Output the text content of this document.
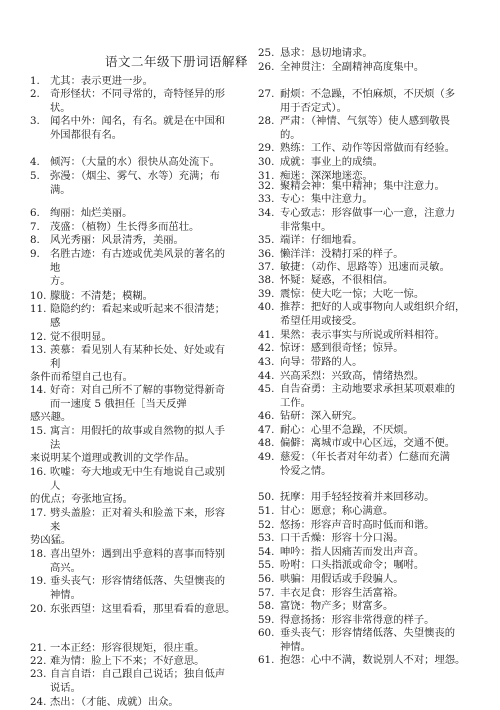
语文二年级下册词语解释
1. 尤其：表示更进一步。
2. 奇形怪状：不同寻常的，奇特怪异的形
状。
3. 闻名中外：闻名，有名。就是在中国和
外国都很有名。
4. 倾泻：（大量的水）很快从高处流下。
5. 弥漫：（烟尘、雾气、水等）充满；布
满。
6. 绚丽：灿烂美丽。
7. 茂盛：（植物）生长得多而茁壮。
8. 风光秀丽：风景清秀，美丽。
9. 名胜古迹：有古迹或优美风景的著名的
地
方。
10. 朦胧：不清楚；模糊。
11. 隐隐约约：看起来或听起来不很清楚；
感
12. 觉不很明显。
13. 羡慕：看见别人有某种长处、好处或有
利
条件而希望自己也有。
14. 好奇：对自己所不了解的事物觉得新奇
而一速度 5 俄担任［当天反弹
感兴趣。
15. 寓言：用假托的故事或自然物的拟人手
法
来说明某个道理或教训的文学作品。
16. 吹嘘：夸大地或无中生有地说自己或别
人
的优点；夸张地宣扬。
17. 劈头盖脸：正对着头和脸盖下来，形容
来
势凶猛。
18. 喜出望外：遇到出乎意料的喜事而特别
高兴。
19. 垂头丧气：形容情绪低落、失望懊丧的
神情。
20. 东张西望：这里看看，那里看看的意思。
21. 一本正经：形容很规矩，很庄重。
22. 难为情：脸上下不来；不好意思。
23. 自言自语：自己跟自己说话；独自低声
说话。
24. 杰出：（才能、成就）出众。
25. 恳求：恳切地请求。
26. 全神贯注：全副精神高度集中。
27. 耐烦：不急躁，不怕麻烦，不厌烦（多
用于否定式）。
28. 严肃：（神情、气氛等）使人感到敬畏
的。
29. 熟练：工作、动作等因常做而有经验。
30. 成就：事业上的成绩。
31. 痴迷：深深地迷恋。
32. 聚精会神：集中精神；集中注意力。
33. 专心：集中注意力。
34. 专心致志：形容做事一心一意，注意力
非常集中。
35. 端详：仔细地看。
36. 懒洋洋：没精打采的样子。
37. 敏捷：（动作、思路等）迅速而灵敏。
38. 怀疑：疑惑，不很相信。
39. 震惊：使大吃一惊；大吃一惊。
40. 推荐：把好的人或事物向人或组织介绍，
希望任用或接受。
41. 果然：表示事实与所说或所料相符。
42. 惊讶：感到很奇怪；惊异。
43. 向导：带路的人。
44. 兴高采烈：兴致高，情绪热烈。
45. 自告奋勇：主动地要求承担某项艰难的
工作。
46. 钻研：深入研究。
47. 耐心：心里不急躁，不厌烦。
48. 偏僻：离城市或中心区远，交通不便。
49. 慈爱：（年长者对年幼者）仁慈而充满
怜爱之情。
50. 抚摩：用手轻轻按着并来回移动。
51. 甘心：愿意；称心满意。
52. 悠扬：形容声音时高时低而和谐。
53. 口干舌燥：形容十分口渴。
54. 呻吟：指人因痛苦而发出声音。
55. 吩咐：口头指派或命令；嘱咐。
56. 哄骗：用假话或手段骗人。
57. 丰衣足食：形容生活富裕。
58. 富饶：物产多；财富多。
59. 得意扬扬：形容非常得意的样子。
60. 垂头丧气：形容情绪低落、失望懊丧的
神情。
61. 抱怨：心中不满，数说别人不对；埋怨。
